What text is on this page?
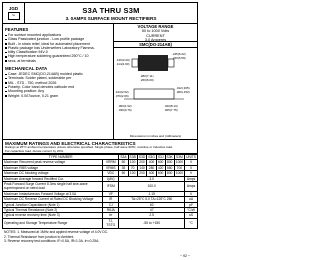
JGD
~
S3A THRU S3M
3. 0AMPS SURFACE MOUNT RECTIFIERS
FEATURES
For surface mounted applications
Glass Passivated junction - Low profile package
Built - in strain relief, ideal for automated placement
Plastic package has Underwriters Laboratory Flamma-
bility Classification 94V-0
High temperature soldering guaranteed 250°C / 10
secs. at terminals
MECHANICAL DATA
Case: JEDEC SMC(DO-214AB) molded plastic
Terminals: Solder plated, solderable per
MIL - STD - 750, method 2026
Polarity: Color band denotes cathode end
Mounting position: Any
Weight: 0.007ounce, 0.21 gram
VOLTAGE RANGE
50 to 1000 Volts
CURRENT
3.0 Amperes
SMC(DO-214AB)
.126(3.20)
.114(2.90)
.245(6.22)
.220(5.59)
.280(7.11)
.260(6.60)
.012(.305)
.006(.152)
.103(2.62)
.079(2.06)
.060(1.52)
.030(0.76)
.320(8.13)
.305(7.75)
Dimensions in inches and (millimeters)
MAXIMUM RATINGS AND ELECTRICAL CHARACTERISTICS
Ratings at 25°C ambient temperature unless otherwise specified. Single phase, half wave 60Hz, resistive or inductive load.
For capacitive load, derate current by 20%.
TYPE NUMBER		S3A	S3B	S3D	S3G	S3J	S3K	S3M	UNITS
Maximum Recurrent peak reverse voltage	VRRM	50	100	200	400	600	800	1000	V
Maximum RMS voltage	VRMS	35	70	140	280	420	560	700	V
Maximum DC blocking voltage	VDC	50	100	200	400	600	800	1000	V
Maximum Average forward Rectified Cur.	I(AV)	3.0							Amps
Peak Forward Surge Current 8.3ms single half sine-wave superimposed on rated load	IFSM	100.0							Amps
Maximum Instantaneous Forward Voltage at 3.0A	VF	1.15							V
Maximum DC Reverse Current at Rated DC Blocking Voltage	IR	TA=25°C 5.0 TA=125°C 250							uA
Typical Junction Capacitance (Note 1)	CJ	60							pF
Typical Thermal Resistance (Note 2)	RθJA	47							°C/W
Typical reverse recovery time (Note 3)	trr	2.5							uS
Operating and Storage Temperature Range	TJ, TSTG	-55 to +150							°C
NOTES: 1. Measured at 1MHz and applied reverse voltage of 4.0V DC.
2. Thermal Resistance from junction to Ambient.
3. Reverse recovery test conditions: IF=0.5A, IR=1.0A, Irr=0.25A.
~ 92 ~
